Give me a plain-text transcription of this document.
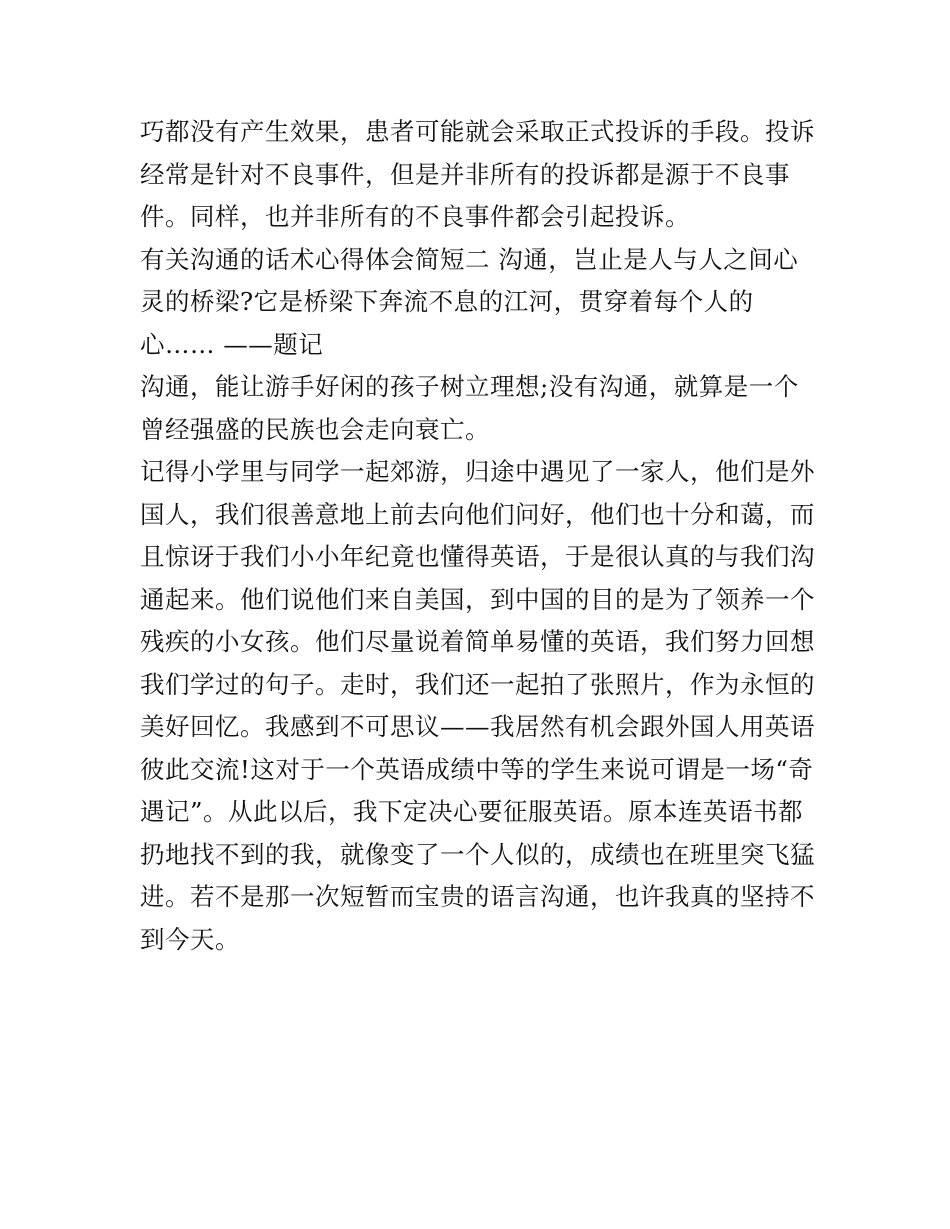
巧都没有产生效果，患者可能就会采取正式投诉的手段。投诉
经常是针对不良事件，但是并非所有的投诉都是源于不良事
件。同样，也并非所有的不良事件都会引起投诉。
有关沟通的话术心得体会简短二 沟通，岂止是人与人之间心
灵的桥梁?它是桥梁下奔流不息的江河，贯穿着每个人的
心…… ——题记
沟通，能让游手好闲的孩子树立理想;没有沟通，就算是一个
曾经强盛的民族也会走向衰亡。
记得小学里与同学一起郊游，归途中遇见了一家人，他们是外
国人，我们很善意地上前去向他们问好，他们也十分和蔼，而
且惊讶于我们小小年纪竟也懂得英语，于是很认真的与我们沟
通起来。他们说他们来自美国，到中国的目的是为了领养一个
残疾的小女孩。他们尽量说着简单易懂的英语，我们努力回想
我们学过的句子。走时，我们还一起拍了张照片，作为永恒的
美好回忆。我感到不可思议——我居然有机会跟外国人用英语
彼此交流!这对于一个英语成绩中等的学生来说可谓是一场“奇
遇记”。从此以后，我下定决心要征服英语。原本连英语书都
扔地找不到的我，就像变了一个人似的，成绩也在班里突飞猛
进。若不是那一次短暂而宝贵的语言沟通，也许我真的坚持不
到今天。
